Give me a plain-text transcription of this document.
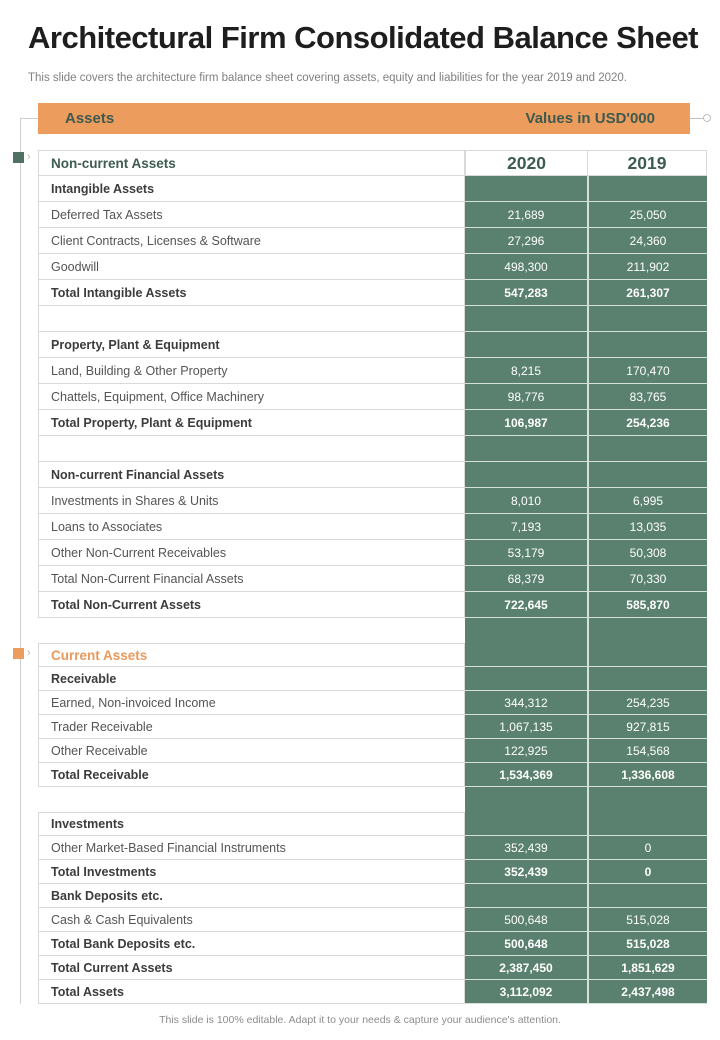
Architectural Firm Consolidated Balance Sheet
This slide covers the architecture firm balance sheet covering assets, equity and liabilities for the year 2019 and 2020.
Assets	Values in USD'000
›
›
Non-current Assets	2020	2019
Intangible Assets
Deferred Tax Assets	21,689	25,050
Client Contracts, Licenses & Software	27,296	24,360
Goodwill	498,300	211,902
Total Intangible Assets	547,283	261,307
Property, Plant & Equipment
Land, Building & Other Property	8,215	170,470
Chattels, Equipment, Office Machinery	98,776	83,765
Total Property, Plant & Equipment	106,987	254,236
Non-current Financial Assets
Investments in Shares & Units	8,010	6,995
Loans to Associates	7,193	13,035
Other Non-Current Receivables	53,179	50,308
Total Non-Current Financial Assets	68,379	70,330
Total Non-Current Assets	722,645	585,870
Current Assets
Receivable
Earned, Non-invoiced Income	344,312	254,235
Trader Receivable	1,067,135	927,815
Other Receivable	122,925	154,568
Total Receivable	1,534,369	1,336,608
Investments
Other Market-Based Financial Instruments	352,439	0
Total Investments	352,439	0
Bank Deposits etc.
Cash & Cash Equivalents	500,648	515,028
Total Bank Deposits etc.	500,648	515,028
Total Current Assets	2,387,450	1,851,629
Total Assets	3,112,092	2,437,498
This slide is 100% editable. Adapt it to your needs & capture your audience's attention.
